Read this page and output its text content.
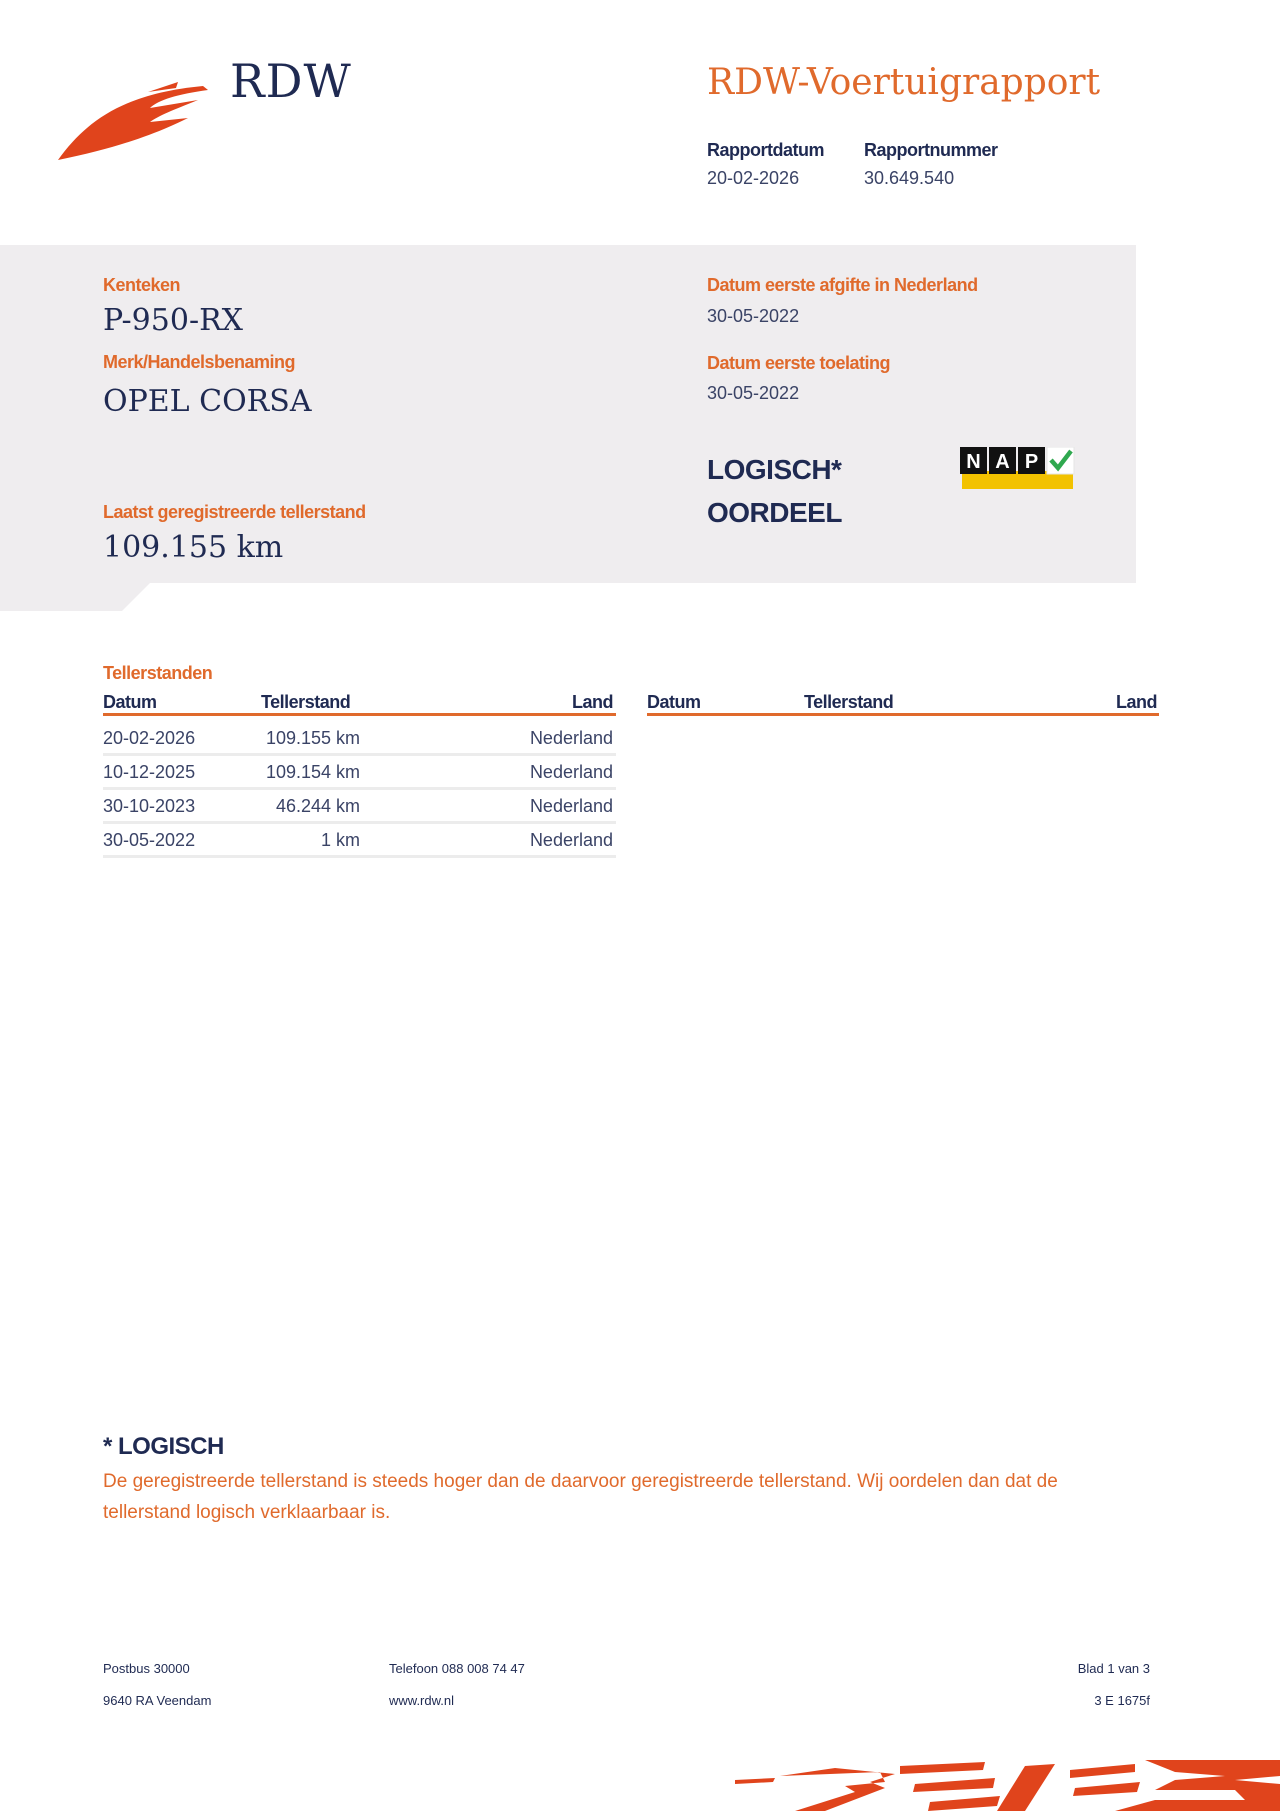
RDW	RDW-Voertuigrapport
Rapportdatum
20-02-2026
Rapportnummer
30.649.540
Kenteken
P-950-RX
Merk/Handelsbenaming
OPEL CORSA
Laatst geregistreerde tellerstand
109.155 km
Datum eerste afgifte in Nederland
30-05-2022
Datum eerste toelating
30-05-2022
LOGISCH*
OORDEEL
N A P
Tellerstanden
Datum	Tellerstand	Land Datum	Tellerstand	Land
20-02-2026	109.155 km	Nederland
10-12-2025	109.154 km	Nederland
30-10-2023	46.244 km	Nederland
30-05-2022	1 km	Nederland
* LOGISCH
De geregistreerde tellerstand is steeds hoger dan de daarvoor geregistreerde tellerstand. Wij oordelen dan dat de tellerstand logisch verklaarbaar is.
Postbus 30000
9640 RA Veendam
Telefoon 088 008 74 47
www.rdw.nl
Blad 1 van 3
3 E 1675f
